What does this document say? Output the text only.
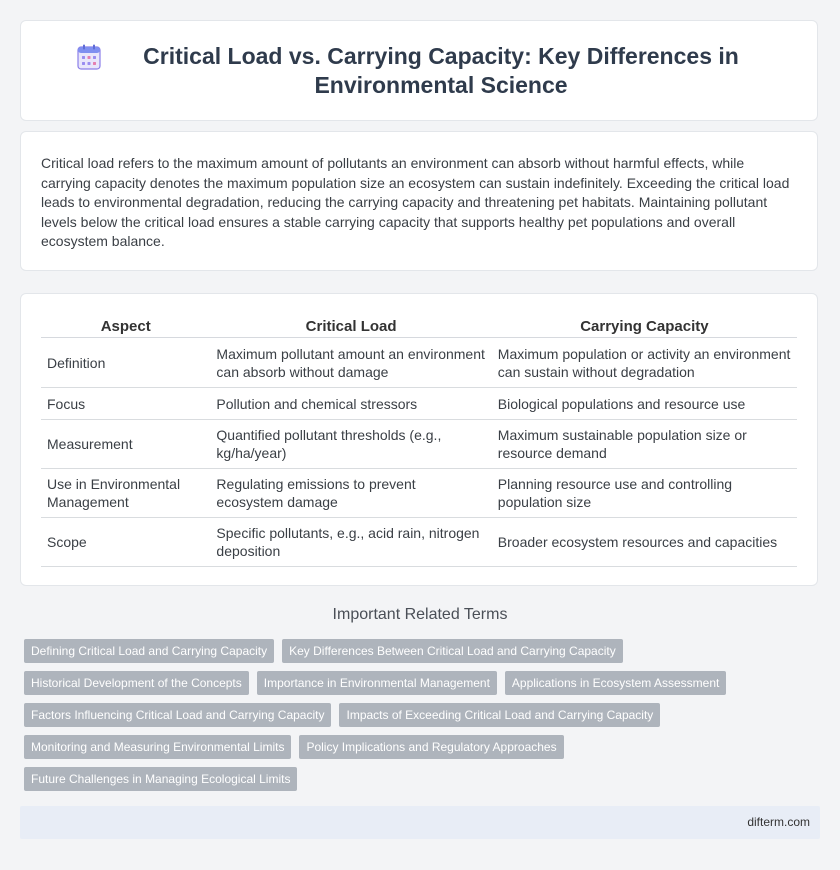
Critical Load vs. Carrying Capacity: Key Differences in Environmental Science

Critical load refers to the maximum amount of pollutants an environment can absorb without harmful effects, while carrying capacity denotes the maximum population size an ecosystem can sustain indefinitely. Exceeding the critical load leads to environmental degradation, reducing the carrying capacity and threatening pet habitats. Maintaining pollutant levels below the critical load ensures a stable carrying capacity that supports healthy pet populations and overall ecosystem balance.

Aspect	Critical Load	Carrying Capacity
Definition	Maximum pollutant amount an environment can absorb without damage	Maximum population or activity an environment can sustain without degradation
Focus	Pollution and chemical stressors	Biological populations and resource use
Measurement	Quantified pollutant thresholds (e.g., kg/ha/year)	Maximum sustainable population size or resource demand
Use in Environmental Management	Regulating emissions to prevent ecosystem damage	Planning resource use and controlling population size
Scope	Specific pollutants, e.g., acid rain, nitrogen deposition	Broader ecosystem resources and capacities
Important Related Terms
Defining Critical Load and Carrying Capacity	Key Differences Between Critical Load and Carrying Capacity
Historical Development of the Concepts	Importance in Environmental Management	Applications in Ecosystem Assessment
Factors Influencing Critical Load and Carrying Capacity	Impacts of Exceeding Critical Load and Carrying Capacity
Monitoring and Measuring Environmental Limits	Policy Implications and Regulatory Approaches
Future Challenges in Managing Ecological Limits
difterm.com
